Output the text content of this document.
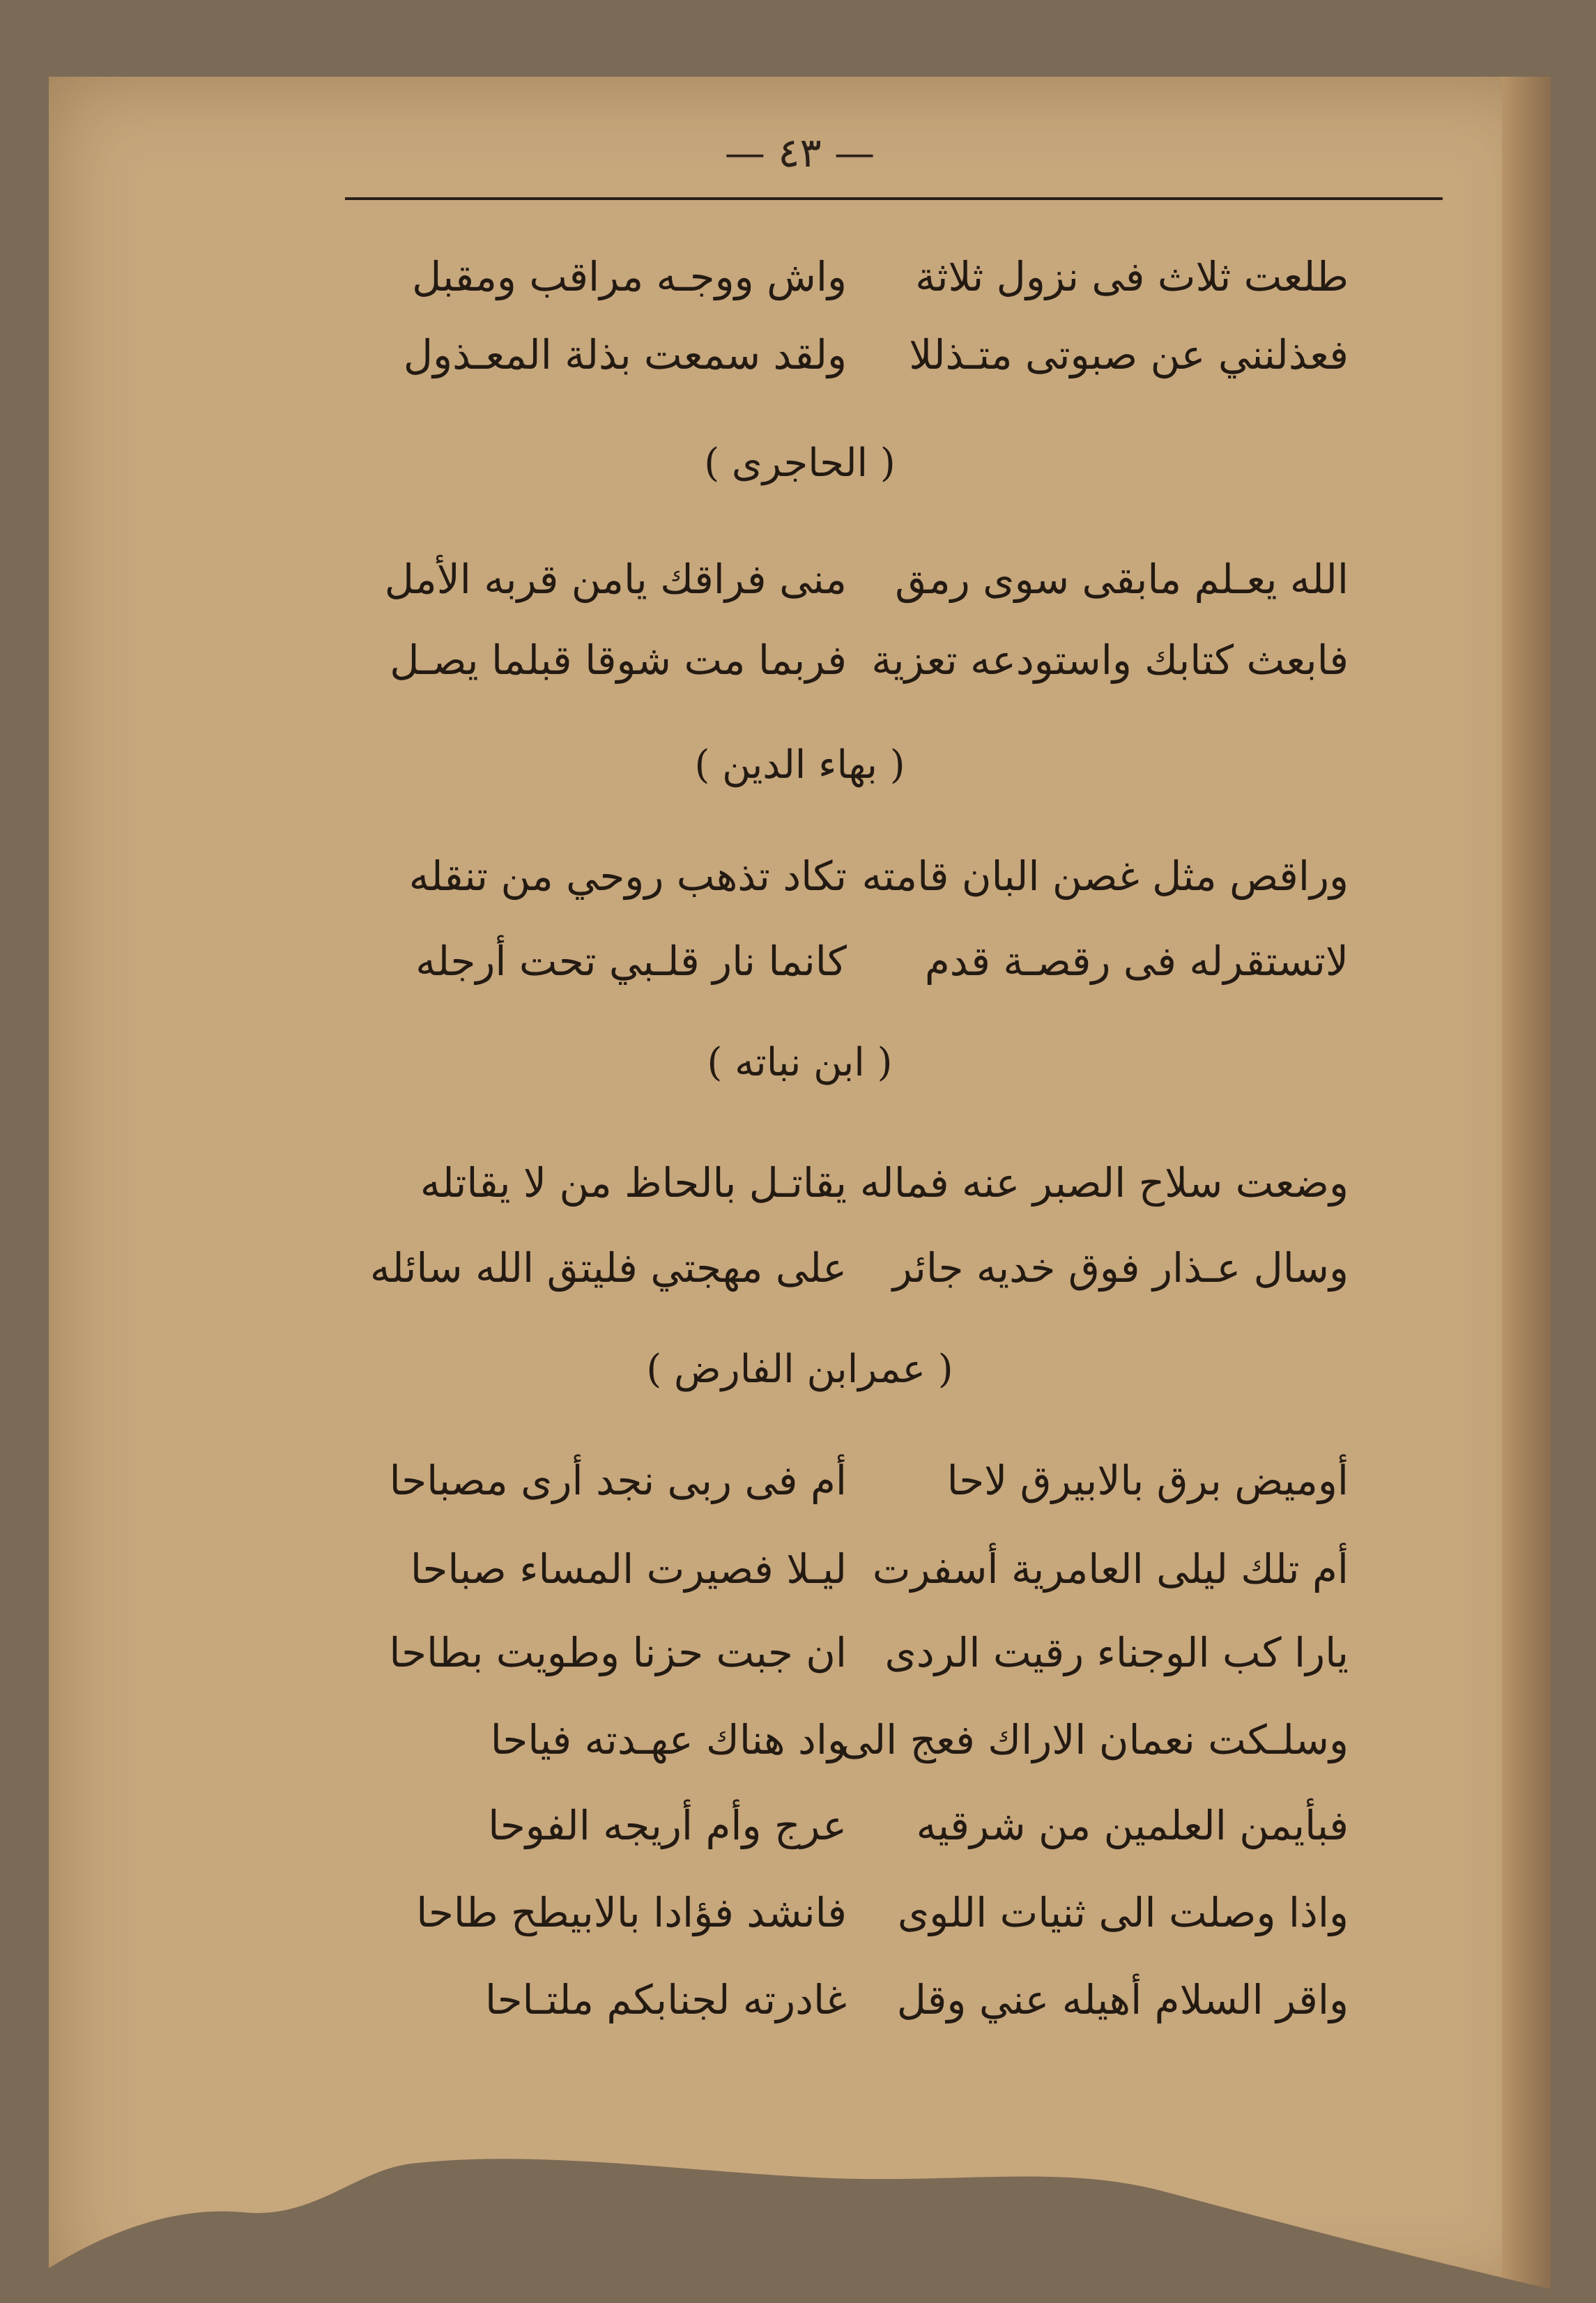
— ٤٣ —
طلعت ثلاث فى نزول ثلاثة
واش ووجـه مراقب ومقبل
فعذلنني عن صبوتى متـذللا
ولقد سمعت بذلة المعـذول
( الحاجرى )
الله يعـلم مابقى سوى رمق
منى فراقك يامن قربه الأمل
فابعث كتابك واستودعه تعزية
فربما مت شوقا قبلما يصـل
( بهاء الدين )
وراقص مثل غصن البان قامته
تكاد تذهب روحي من تنقله
لاتستقرله فى رقصـة قدم
كانما نار قلـبي تحت أرجله
( ابن نباته )
وضعت سلاح الصبر عنه فماله
يقاتـل بالحاظ من لا يقاتله
وسال عـذار فوق خديه جائر
على مهجتي فليتق الله سائله
( عمرابن الفارض )
أوميض برق بالابيرق لاحا
أم فى ربى نجد أرى مصباحا
أم تلك ليلى العامرية أسفرت
ليـلا فصيرت المساء صباحا
يارا كب الوجناء رقيت الردى
ان جبت حزنا وطويت بطاحا
وسلـكت نعمان الاراك فعج الى
واد هناك عهـدته فياحا
فبأيمن العلمين من شرقيه
عرج وأم أريجه الفوحا
واذا وصلت الى ثنيات اللوى
فانشد فؤادا بالابيطح طاحا
واقر السلام أهيله عني وقل
غادرته لجنابكم ملتـاحا
